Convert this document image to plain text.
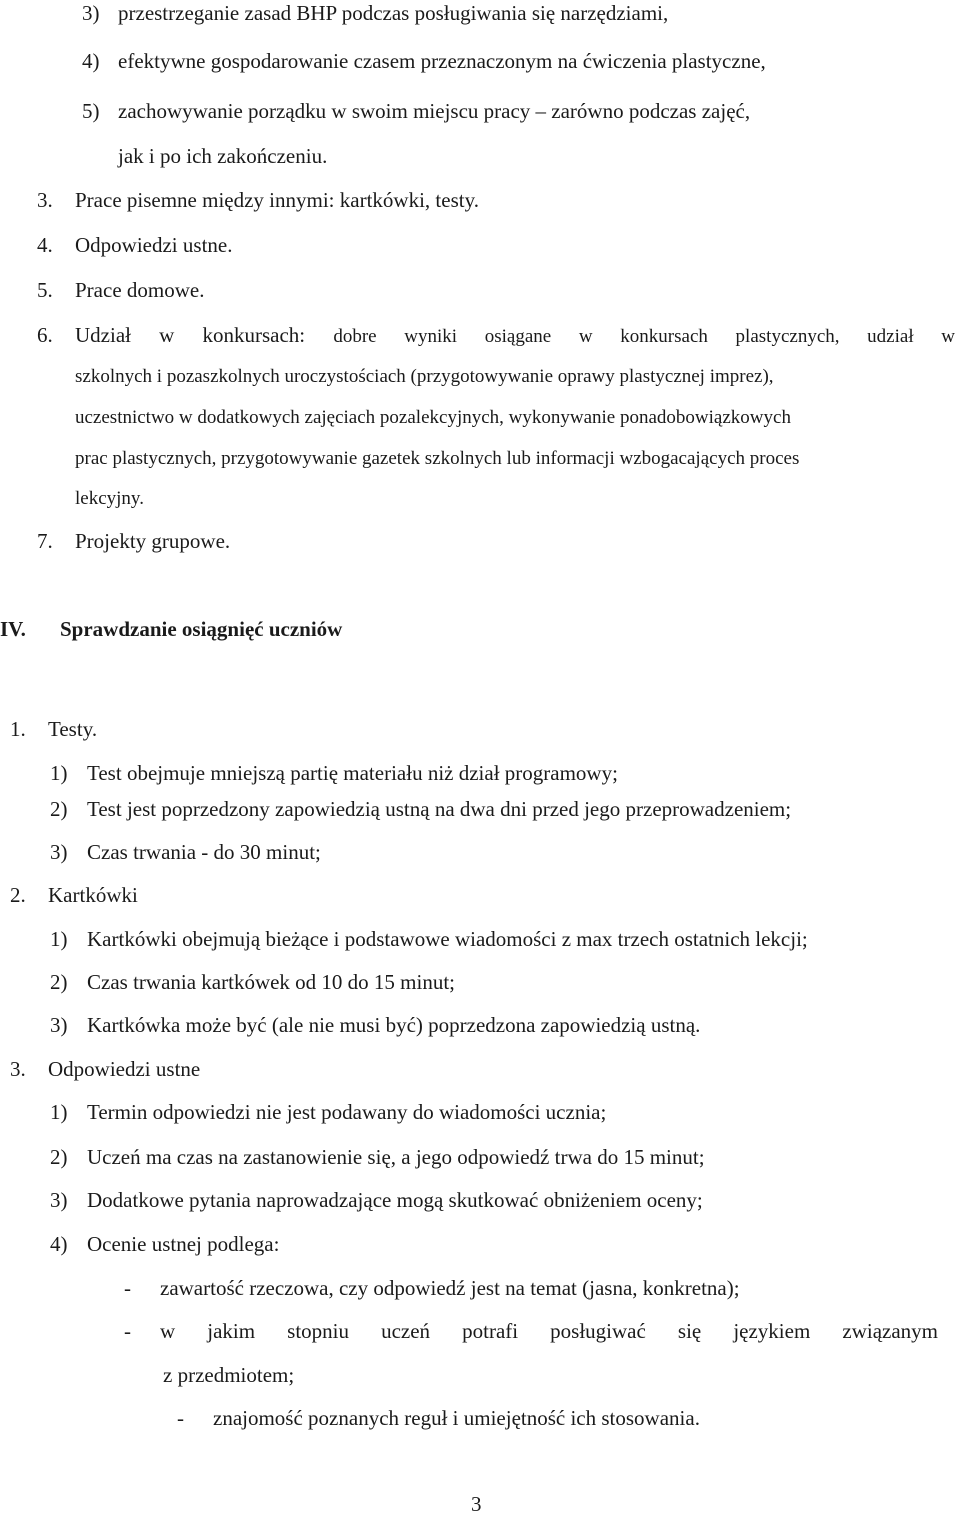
3) przestrzeganie zasad BHP podczas posługiwania się narzędziami,
4) efektywne gospodarowanie czasem przeznaczonym na ćwiczenia plastyczne,
5) zachowywanie porządku w swoim miejscu pracy – zarówno podczas zajęć,
jak i po ich zakończeniu.
3. Prace pisemne między innymi: kartkówki, testy.
4. Odpowiedzi ustne.
5. Prace domowe.
6.	Udział w konkursach: dobre wyniki osiągane w konkursach plastycznych, udział w
szkolnych i pozaszkolnych uroczystościach (przygotowywanie oprawy plastycznej imprez),
uczestnictwo w dodatkowych zajęciach pozalekcyjnych, wykonywanie ponadobowiązkowych
prac plastycznych, przygotowywanie gazetek szkolnych lub informacji wzbogacających proces
lekcyjny.
7. Projekty grupowe.
IV. Sprawdzanie osiągnięć uczniów
1. Testy.
1) Test obejmuje mniejszą partię materiału niż dział programowy;
2) Test jest poprzedzony zapowiedzią ustną na dwa dni przed jego przeprowadzeniem;
3) Czas trwania - do 30 minut;
2. Kartkówki
1) Kartkówki obejmują bieżące i podstawowe wiadomości z max trzech ostatnich lekcji;
2) Czas trwania kartkówek od 10 do 15 minut;
3) Kartkówka może być (ale nie musi być) poprzedzona zapowiedzią ustną.
3. Odpowiedzi ustne
1) Termin odpowiedzi nie jest podawany do wiadomości ucznia;
2) Uczeń ma czas na zastanowienie się, a jego odpowiedź trwa do 15 minut;
3) Dodatkowe pytania naprowadzające mogą skutkować obniżeniem oceny;
4) Ocenie ustnej podlega:
- zawartość rzeczowa, czy odpowiedź jest na temat (jasna, konkretna);
- w jakim stopniu uczeń potrafi posługiwać się językiem związanym
z przedmiotem;
- znajomość poznanych reguł i umiejętność ich stosowania.
3
